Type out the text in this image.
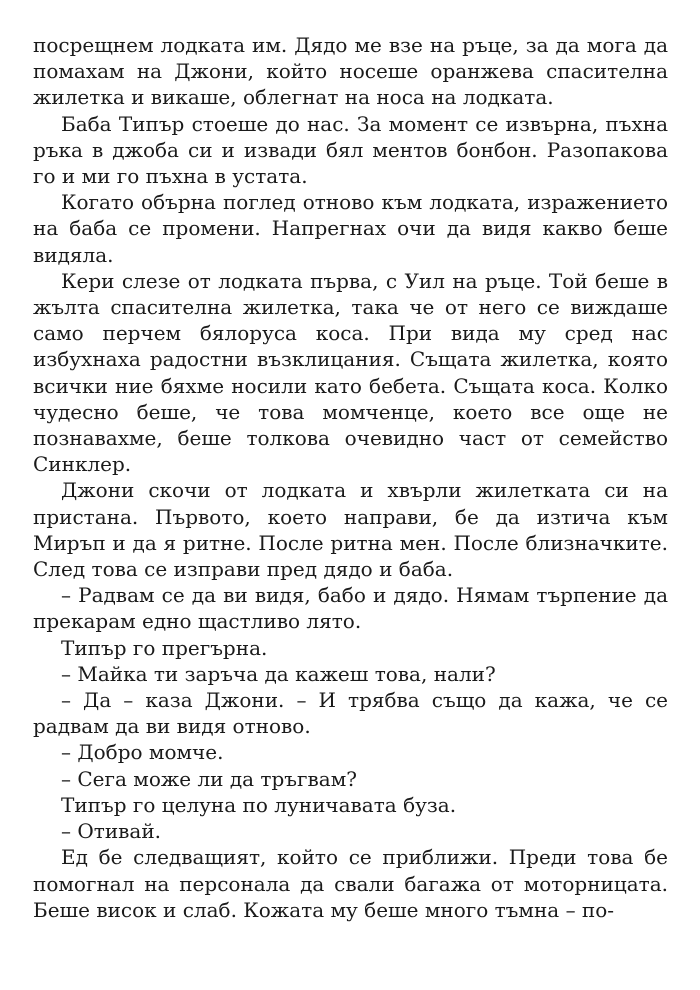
посрещнем лодката им. Дядо ме взе на ръце, за да мога да помахам на Джони, който носеше оранжева спасителна жилетка и викаше, облегнат на носа на лодката.

Баба Типър стоеше до нас. За момент се извърна, пъхна ръка в джоба си и извади бял ментов бонбон. Разопакова го и ми го пъхна в устата.

Когато обърна поглед отново към лодката, изражението на баба се промени. Напрегнах очи да видя какво беше видяла.

Кери слезе от лодката първа, с Уил на ръце. Той беше в жълта спасителна жилетка, така че от него се виждаше само перчем бялоруса коса. При вида му сред нас избухнаха радостни възклицания. Същата жилетка, която всички ние бяхме носили като бебета. Същата коса. Колко чудесно беше, че това момченце, което все още не познавахме, беше толкова очевидно част от семейство Синклер.

Джони скочи от лодката и хвърли жилетката си на пристана. Първото, което направи, бе да изтича към Миръп и да я ритне. После ритна мен. После близначките. След това се изправи пред дядо и баба.

– Радвам се да ви видя, бабо и дядо. Нямам търпение да прекарам едно щастливо лято.

Типър го прегърна.

– Майка ти заръча да кажеш това, нали?

– Да – каза Джони. – И трябва също да кажа, че се радвам да ви видя отново.

– Добро момче.

– Сега може ли да тръгвам?

Типър го целуна по луничавата буза.

– Отивай.

Ед бе следващият, който се приближи. Преди това бе помогнал на персонала да свали багажа от моторницата. Беше висок и слаб. Кожата му беше много тъмна – по-
